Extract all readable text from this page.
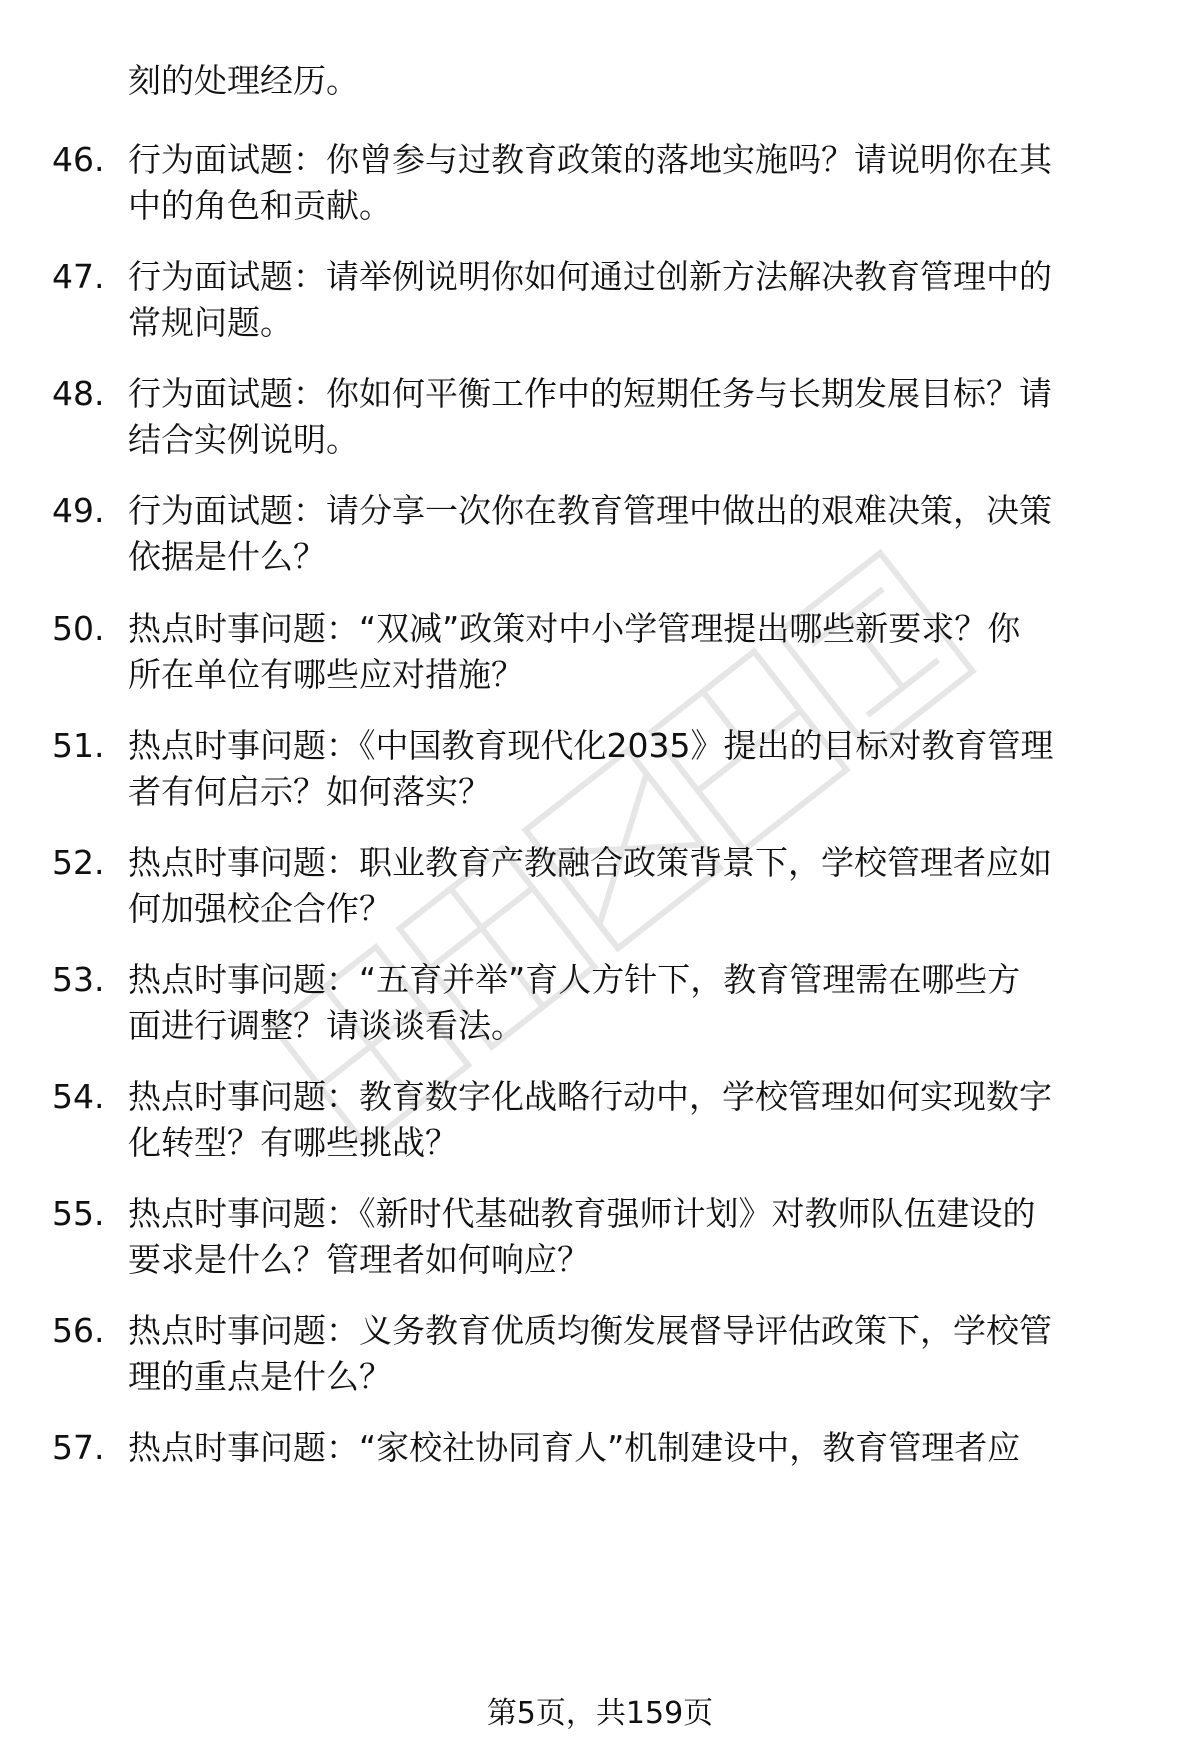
刻的处理经历。
46. 行为面试题：你曾参与过教育政策的落地实施吗？请说明你在其
中的角色和贡献。
47. 行为面试题：请举例说明你如何通过创新方法解决教育管理中的
常规问题。
48. 行为面试题：你如何平衡工作中的短期任务与长期发展目标？请
结合实例说明。
49. 行为面试题：请分享一次你在教育管理中做出的艰难决策，决策
依据是什么？
50. 热点时事问题：“双减”政策对中小学管理提出哪些新要求？你
所在单位有哪些应对措施？
51. 热点时事问题：《中国教育现代化2035》提出的目标对教育管理
者有何启示？如何落实？
52. 热点时事问题：职业教育产教融合政策背景下，学校管理者应如
何加强校企合作？
53. 热点时事问题：“五育并举”育人方针下，教育管理需在哪些方
面进行调整？请谈谈看法。
54. 热点时事问题：教育数字化战略行动中，学校管理如何实现数字
化转型？有哪些挑战？
55. 热点时事问题：《新时代基础教育强师计划》对教师队伍建设的
要求是什么？管理者如何响应？
56. 热点时事问题：义务教育优质均衡发展督导评估政策下，学校管
理的重点是什么？
57. 热点时事问题：“家校社协同育人”机制建设中，教育管理者应
第5页，共159页
